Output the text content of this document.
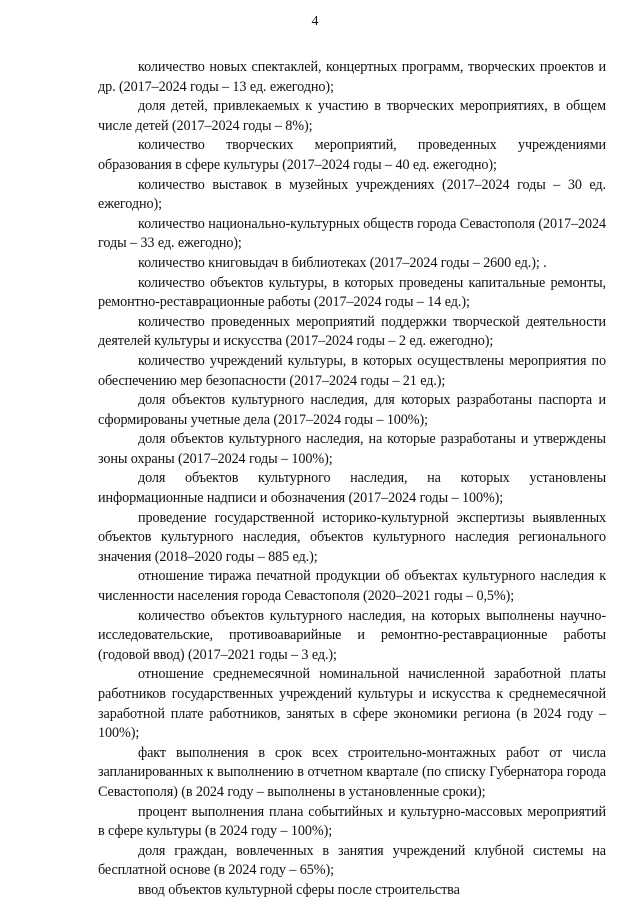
4

количество новых спектаклей, концертных программ, творческих проектов и др. (2017–2024 годы – 13 ед. ежегодно);

доля детей, привлекаемых к участию в творческих мероприятиях, в общем числе детей (2017–2024 годы – 8%);

количество творческих мероприятий, проведенных учреждениями образования в сфере культуры (2017–2024 годы – 40 ед. ежегодно);

количество выставок в музейных учреждениях (2017–2024 годы – 30 ед. ежегодно);

количество национально-культурных обществ города Севастополя (2017–2024 годы – 33 ед. ежегодно);

количество книговыдач в библиотеках (2017–2024 годы – 2600 ед.); .

количество объектов культуры, в которых проведены капитальные ремонты, ремонтно-реставрационные работы (2017–2024 годы – 14 ед.);

количество проведенных мероприятий поддержки творческой деятельности деятелей культуры и искусства (2017–2024 годы – 2 ед. ежегодно);

количество учреждений культуры, в которых осуществлены мероприятия по обеспечению мер безопасности (2017–2024 годы – 21 ед.);

доля объектов культурного наследия, для которых разработаны паспорта и сформированы учетные дела (2017–2024 годы – 100%);

доля объектов культурного наследия, на которые разработаны и утверждены зоны охраны (2017–2024 годы – 100%);

доля объектов культурного наследия, на которых установлены информационные надписи и обозначения (2017–2024 годы – 100%);

проведение государственной историко-культурной экспертизы выявленных объектов культурного наследия, объектов культурного наследия регионального значения (2018–2020 годы – 885 ед.);

отношение тиража печатной продукции об объектах культурного наследия к численности населения города Севастополя (2020–2021 годы – 0,5%);

количество объектов культурного наследия, на которых выполнены научно-исследовательские, противоаварийные и ремонтно-реставрационные работы (годовой ввод) (2017–2021 годы – 3 ед.);

отношение среднемесячной номинальной начисленной заработной платы работников государственных учреждений культуры и искусства к среднемесячной заработной плате работников, занятых в сфере экономики региона (в 2024 году – 100%);

факт выполнения в срок всех строительно-монтажных работ от числа запланированных к выполнению в отчетном квартале (по списку Губернатора города Севастополя) (в 2024 году – выполнены в установленные сроки);

процент выполнения плана событийных и культурно-массовых мероприятий в сфере культуры (в 2024 году – 100%);

доля граждан, вовлеченных в занятия учреждений клубной системы на бесплатной основе (в 2024 году – 65%);

ввод объектов культурной сферы после строительства
